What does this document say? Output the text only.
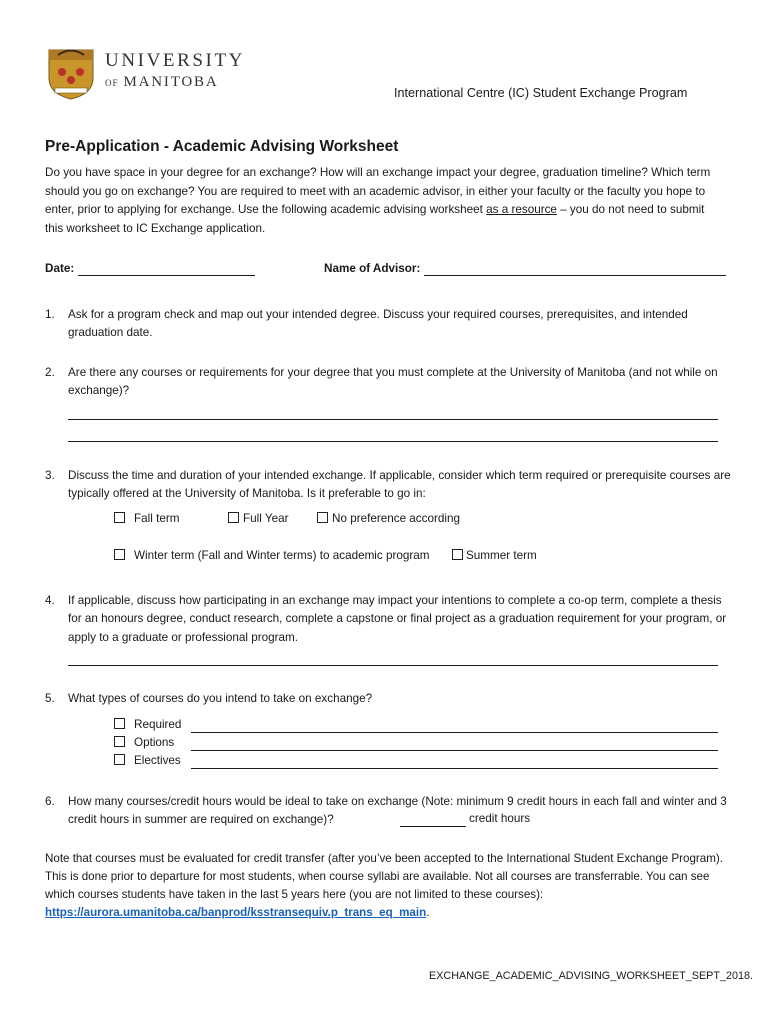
UNIVERSITY
OF MANITOBA
International Centre (IC) Student Exchange Program
Pre-Application - Academic Advising Worksheet
Do you have space in your degree for an exchange? How will an exchange impact your degree, graduation timeline? Which term should you go on exchange? You are required to meet with an academic advisor, in either your faculty or the faculty you hope to enter, prior to applying for exchange. Use the following academic advising worksheet as a resource – you do not need to submit this worksheet to IC Exchange application.
Date:	Name of Advisor:
1. Ask for a program check and map out your intended degree. Discuss your required courses, prerequisites, and intended graduation date.
2. Are there any courses or requirements for your degree that you must complete at the University of Manitoba (and not while on exchange)?
3. Discuss the time and duration of your intended exchange. If applicable, consider which term required or prerequisite courses are typically offered at the University of Manitoba. Is it preferable to go in:
Fall term	Full Year	No preference according
Winter term (Fall and Winter terms) to academic program	Summer term
4. If applicable, discuss how participating in an exchange may impact your intentions to complete a co-op term, complete a thesis for an honours degree, conduct research, complete a capstone or final project as a graduation requirement for your program, or apply to a graduate or professional program.
5. What types of courses do you intend to take on exchange?
Required
Options
Electives
6. How many courses/credit hours would be ideal to take on exchange (Note: minimum 9 credit hours in each fall and winter and 3 credit hours in summer are required on exchange)?	credit hours
Note that courses must be evaluated for credit transfer (after you’ve been accepted to the International Student Exchange Program). This is done prior to departure for most students, when course syllabi are available. Not all courses are transferrable. You can see which courses students have taken in the last 5 years here (you are not limited to these courses): https://aurora.umanitoba.ca/banprod/ksstransequiv.p_trans_eq_main.
EXCHANGE_ACADEMIC_ADVISING_WORKSHEET_SEPT_2018.
